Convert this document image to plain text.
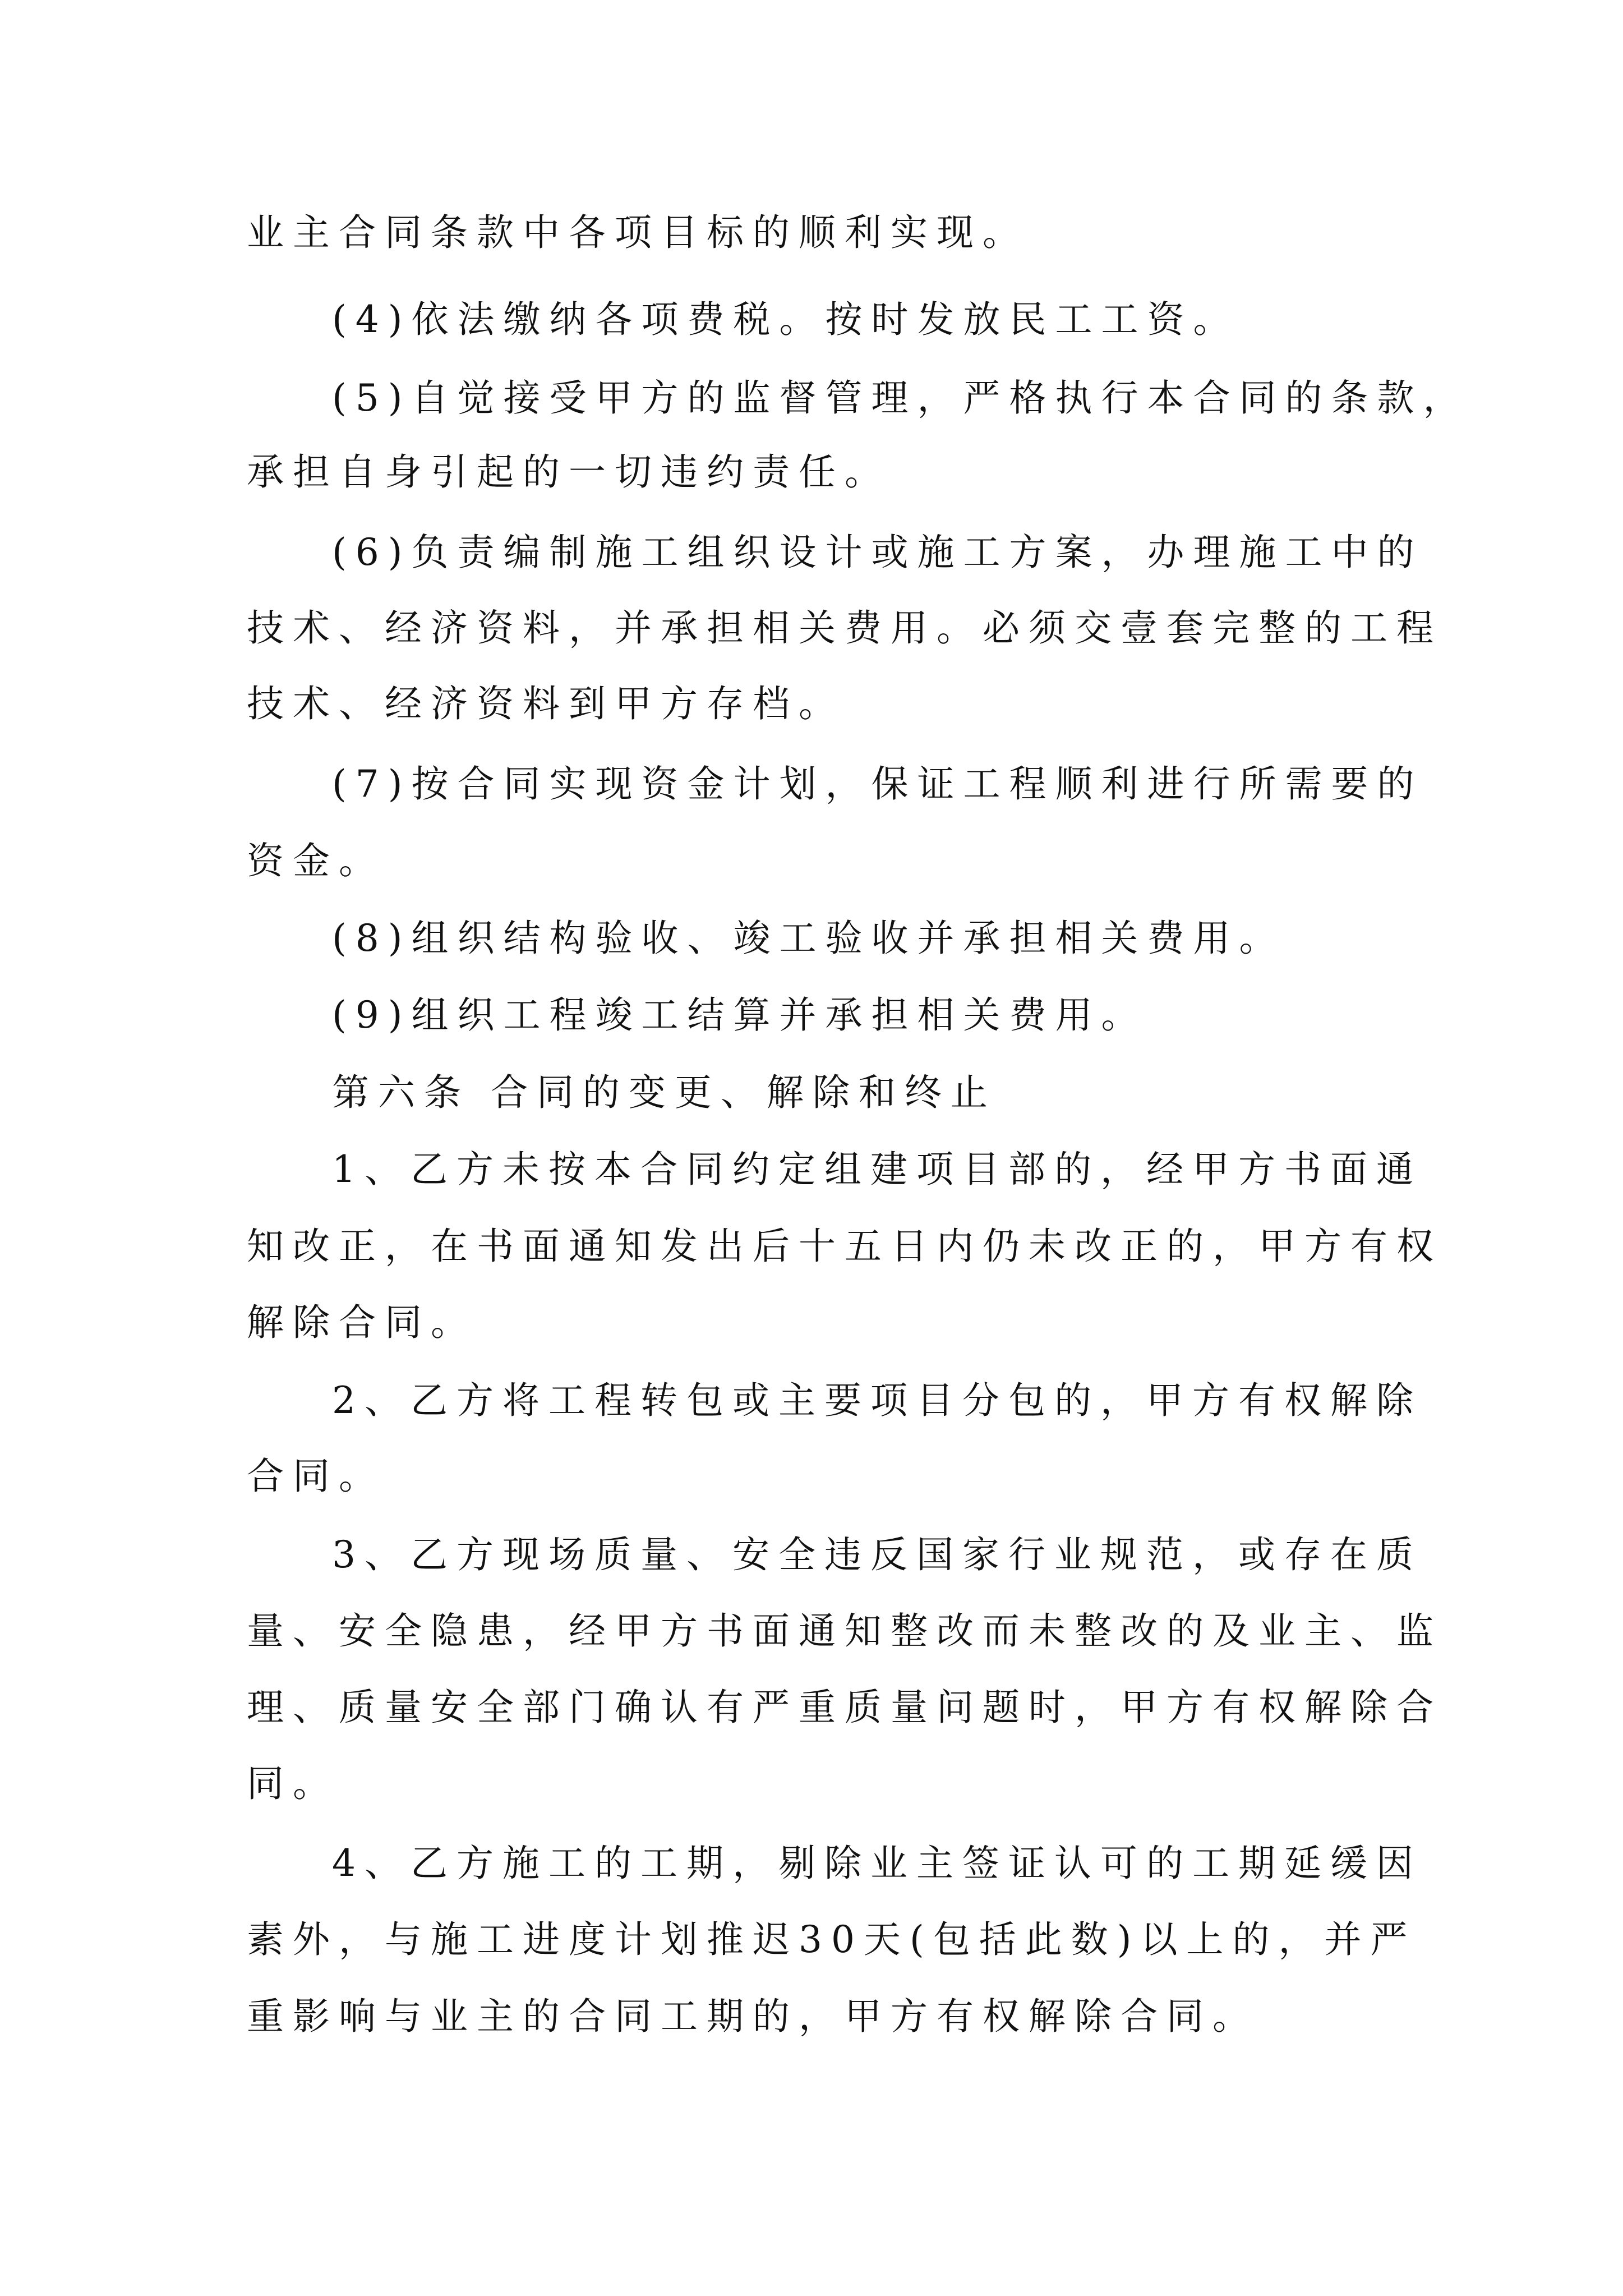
业主合同条款中各项目标的顺利实现。
(4)依法缴纳各项费税。按时发放民工工资。
(5)自觉接受甲方的监督管理，严格执行本合同的条款，
承担自身引起的一切违约责任。
(6)负责编制施工组织设计或施工方案，办理施工中的
技术、经济资料，并承担相关费用。必须交壹套完整的工程
技术、经济资料到甲方存档。
(7)按合同实现资金计划，保证工程顺利进行所需要的
资金。
(8)组织结构验收、竣工验收并承担相关费用。
(9)组织工程竣工结算并承担相关费用。
第六条 合同的变更、解除和终止
1、乙方未按本合同约定组建项目部的，经甲方书面通
知改正，在书面通知发出后十五日内仍未改正的，甲方有权
解除合同。
2、乙方将工程转包或主要项目分包的，甲方有权解除
合同。
3、乙方现场质量、安全违反国家行业规范，或存在质
量、安全隐患，经甲方书面通知整改而未整改的及业主、监
理、质量安全部门确认有严重质量问题时，甲方有权解除合
同。
4、乙方施工的工期，剔除业主签证认可的工期延缓因
素外，与施工进度计划推迟30天(包括此数)以上的，并严
重影响与业主的合同工期的，甲方有权解除合同。
